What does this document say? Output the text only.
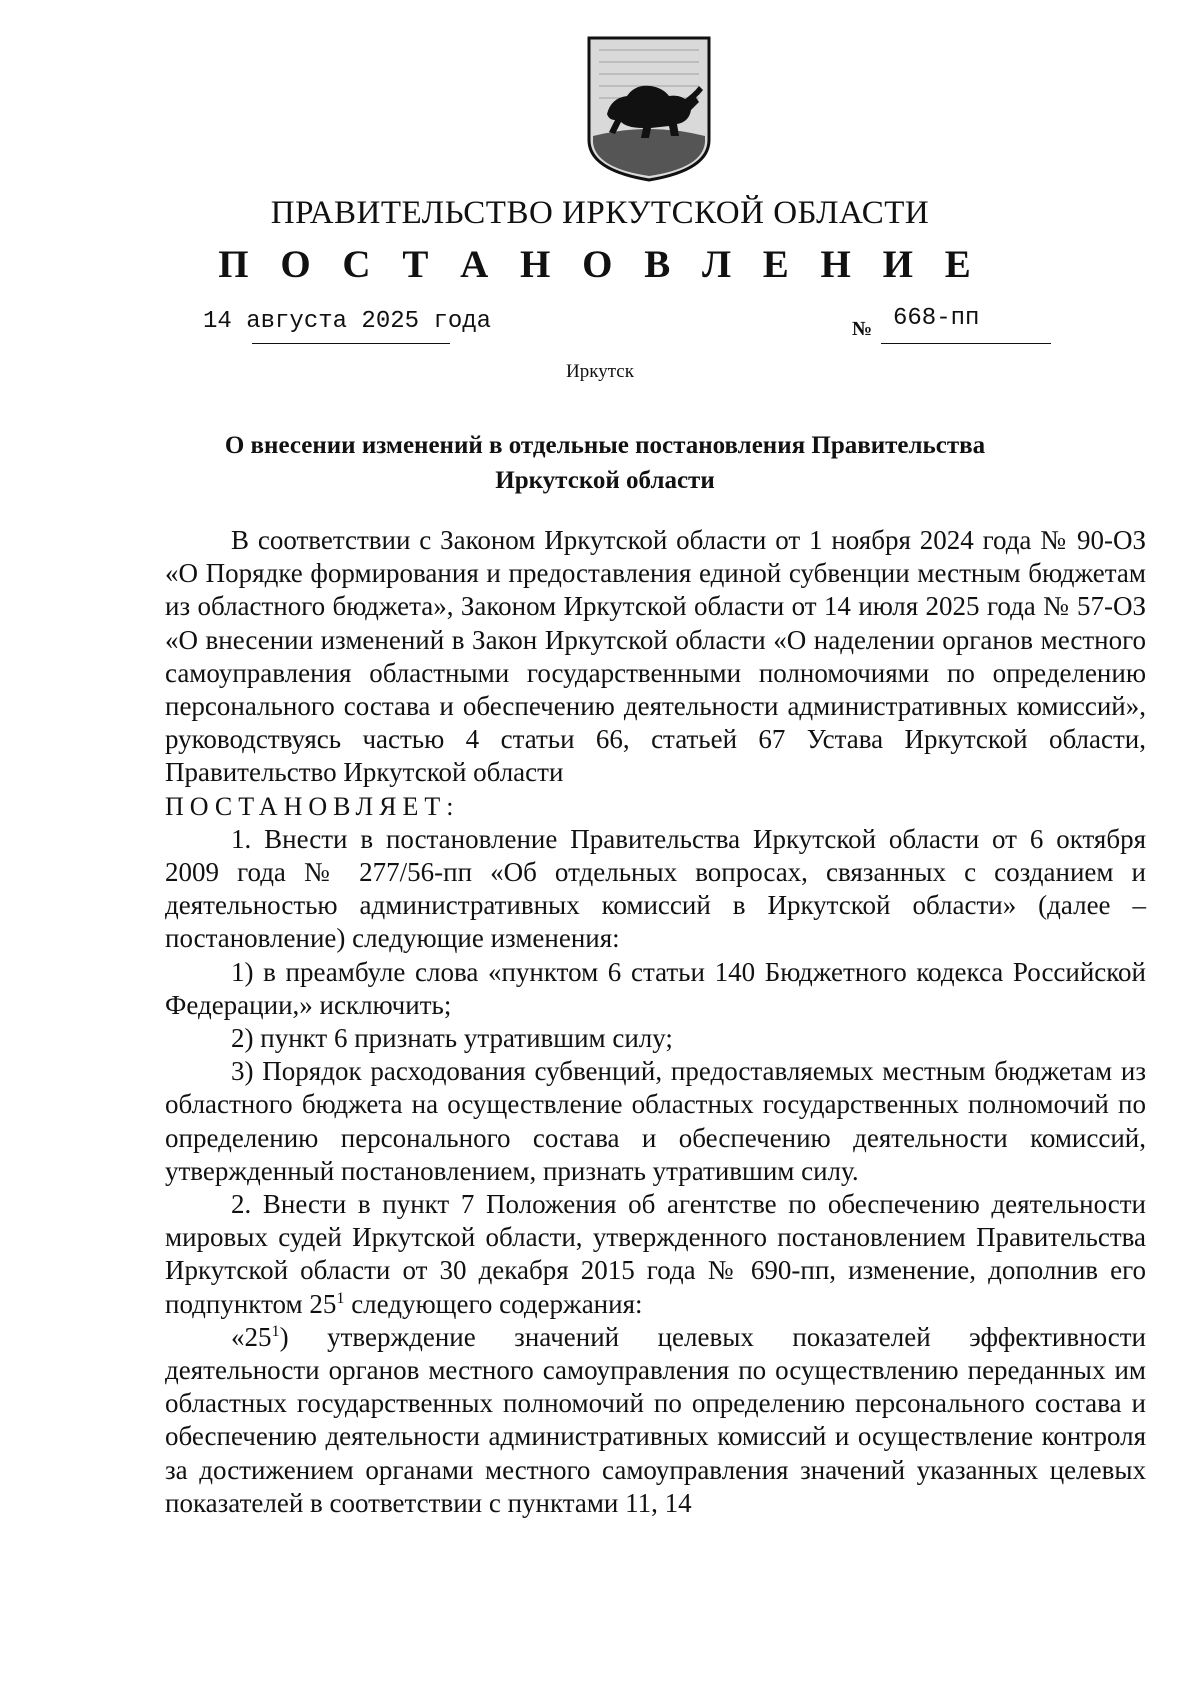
ПРАВИТЕЛЬСТВО ИРКУТСКОЙ ОБЛАСТИ
П О С Т А Н О В Л Е Н И Е
14 августа 2025 года	№ 668-пп
Иркутск
О внесении изменений в отдельные постановления Правительства Иркутской области

В соответствии с Законом Иркутской области от 1 ноября 2024 года № 90-ОЗ «О Порядке формирования и предоставления единой субвенции местным бюджетам из областного бюджета», Законом Иркутской области от 14 июля 2025 года № 57-ОЗ «О внесении изменений в Закон Иркутской области «О наделении органов местного самоуправления областными государственными полномочиями по определению персонального состава и обеспечению деятельности административных комиссий», руководствуясь частью 4 статьи 66, статьей 67 Устава Иркутской области, Правительство Иркутской области

ПОСТАНОВЛЯЕТ:

1. Внести в постановление Правительства Иркутской области от 6 октября 2009 года № 277/56-пп «Об отдельных вопросах, связанных с созданием и деятельностью административных комиссий в Иркутской области» (далее – постановление) следующие изменения:

1) в преамбуле слова «пунктом 6 статьи 140 Бюджетного кодекса Российской Федерации,» исключить;

2) пункт 6 признать утратившим силу;

3) Порядок расходования субвенций, предоставляемых местным бюджетам из областного бюджета на осуществление областных государственных полномочий по определению персонального состава и обеспечению деятельности комиссий, утвержденный постановлением, признать утратившим силу.

2. Внести в пункт 7 Положения об агентстве по обеспечению деятельности мировых судей Иркутской области, утвержденного постановлением Правительства Иркутской области от 30 декабря 2015 года № 690-пп, изменение, дополнив его подпунктом $25^1$ следующего содержания:

«$25^1$) утверждение значений целевых показателей эффективности деятельности органов местного самоуправления по осуществлению переданных им областных государственных полномочий по определению персонального состава и обеспечению деятельности административных комиссий и осуществление контроля за достижением органами местного самоуправления значений указанных целевых показателей в соответствии с пунктами 11, 14
